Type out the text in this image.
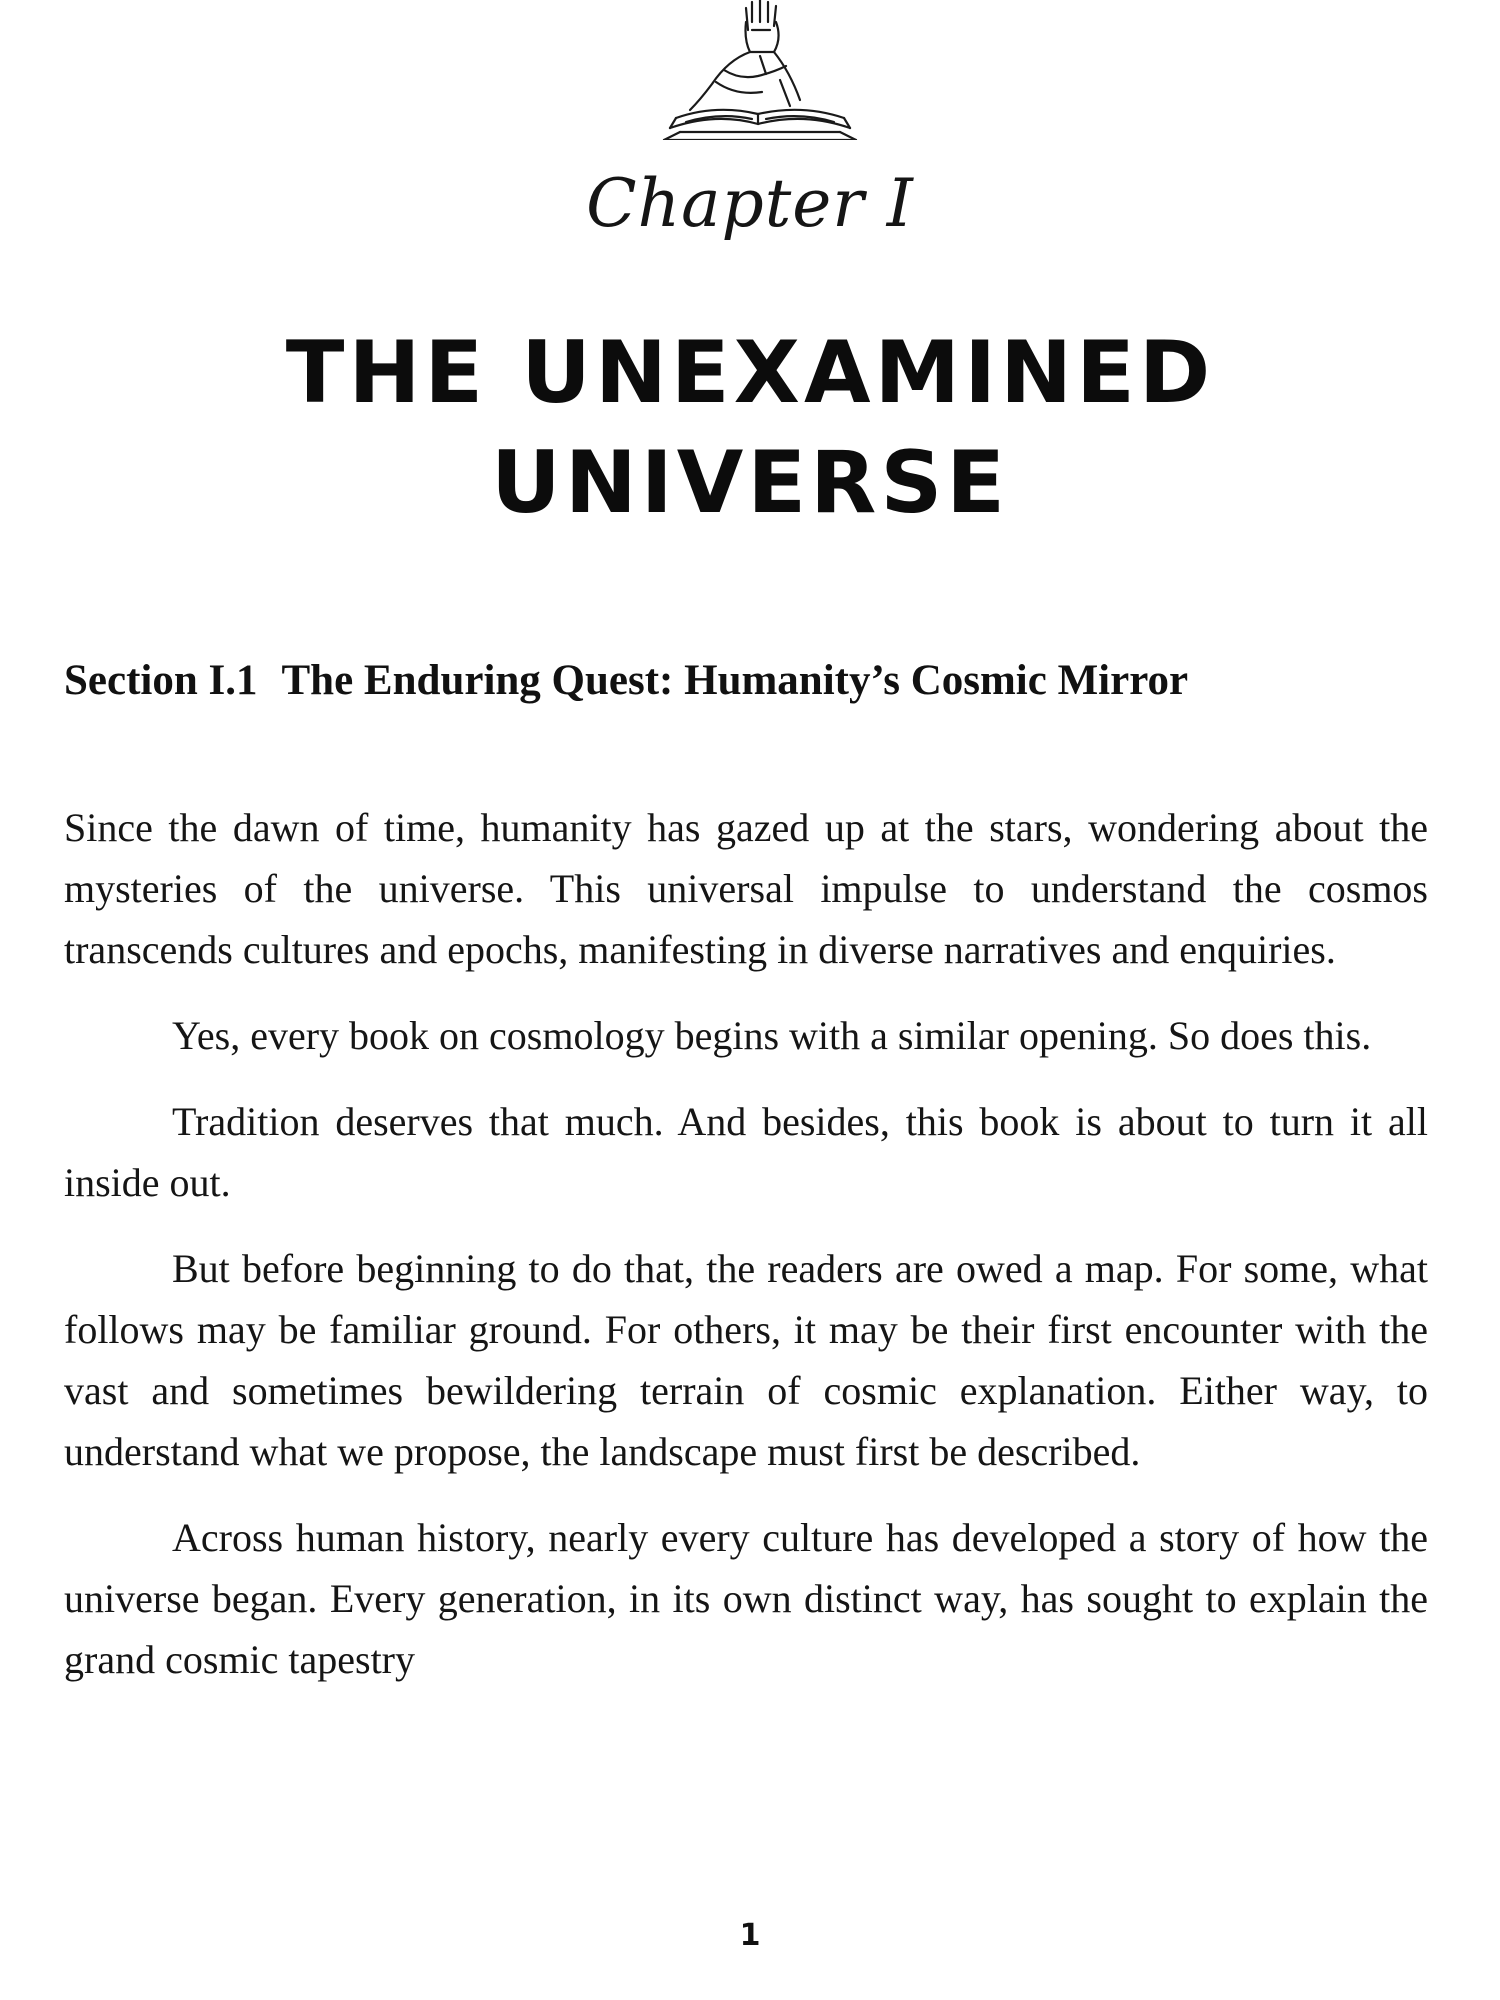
Chapter I
THE UNEXAMINED
UNIVERSE
Section I.1 The Enduring Quest: Humanity’s Cosmic Mirror

Since the dawn of time, humanity has gazed up at the stars, wondering about the mysteries of the universe. This universal impulse to understand the cosmos transcends cultures and epochs, manifesting in diverse narratives and enquiries.

Yes, every book on cosmology begins with a similar opening. So does this.

Tradition deserves that much. And besides, this book is about to turn it all inside out.

But before beginning to do that, the readers are owed a map. For some, what follows may be familiar ground. For others, it may be their first encounter with the vast and sometimes bewildering terrain of cosmic explanation. Either way, to understand what we propose, the landscape must first be described.

Across human history, nearly every culture has developed a story of how the universe began. Every generation, in its own distinct way, has sought to explain the grand cosmic tapestry

1
